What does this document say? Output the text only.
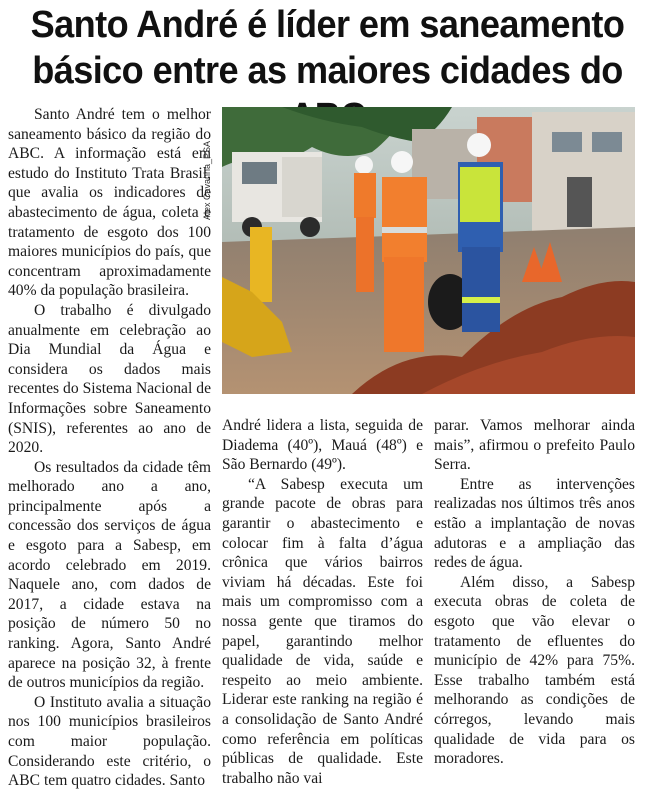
Santo André é líder em saneamento
básico entre as maiores cidades do

Santo André tem o melhor saneamento básico da região do ABC. A informação está em estudo do Instituto Trata Brasil, que avalia os indicadores de abastecimento de água, coleta e tratamento de esgoto dos 100 maiores municípios do país, que concentram aproximadamente 40% da população brasileira.

O trabalho é divulgado anualmente em celebração ao Dia Mundial da Água e considera os dados mais recentes do Sistema Nacional de Informações sobre Saneamento (SNIS), referentes ao ano de 2020.

Os resultados da cidade têm melhorado ano a ano, principalmente após a concessão dos serviços de água e esgoto para a Sabesp, em acordo celebrado em 2019. Naquele ano, com dados de 2017, a cidade estava na posição de número 50 no ranking. Agora, Santo André aparece na posição 32, à frente de outros municípios da região.

O Instituto avalia a situação nos 100 municípios brasileiros com maior população. Considerando este critério, o ABC tem quatro cidades. Santo

Alex Cavanha_PSA

André lidera a lista, seguida de Diadema (40º), Mauá (48º) e São Bernardo (49º).

“A Sabesp executa um grande pacote de obras para garantir o abastecimento e colocar fim à falta d’água crônica que vários bairros viviam há décadas. Este foi mais um compromisso com a nossa gente que tiramos do papel, garantindo melhor qualidade de vida, saúde e respeito ao meio ambiente. Liderar este ranking na região é a consolidação de Santo André como referência em políticas públicas de qualidade. Este trabalho não vai

parar. Vamos melhorar ainda mais”, afirmou o prefeito Paulo Serra.

Entre as intervenções realizadas nos últimos três anos estão a implantação de novas adutoras e a ampliação das redes de água.

Além disso, a Sabesp executa obras de coleta de esgoto que vão elevar o tratamento de efluentes do município de 42% para 75%. Esse trabalho também está melhorando as condições de córregos, levando mais qualidade de vida para os moradores.
